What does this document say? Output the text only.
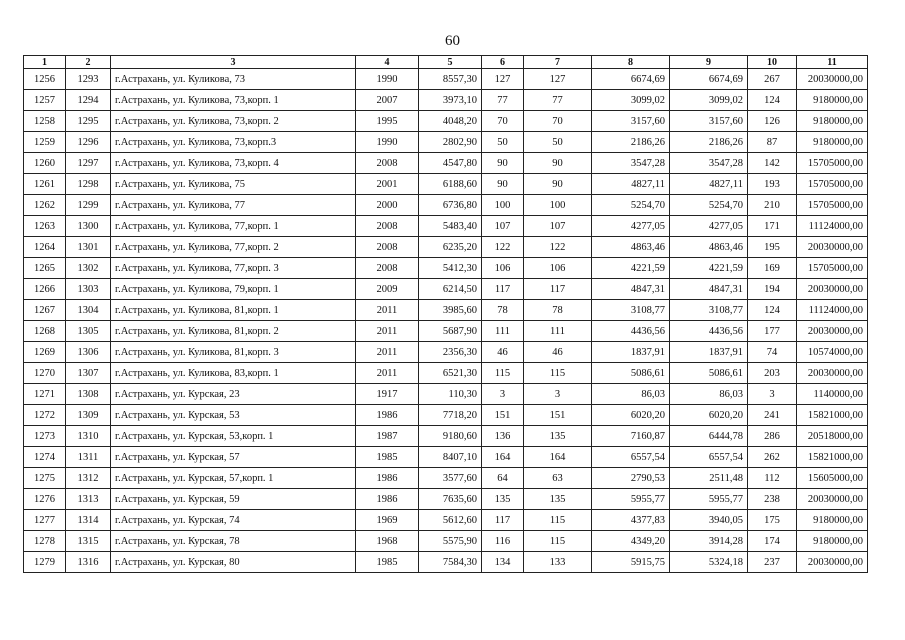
60
1	2	3	4	5	6	7	8	9	10	11
1256	1293	г.Астрахань, ул. Куликова, 73	1990	8557,30	127	127	6674,69	6674,69	267	20030000,00
1257	1294	г.Астрахань, ул. Куликова, 73,корп. 1	2007	3973,10	77	77	3099,02	3099,02	124	9180000,00
1258	1295	г.Астрахань, ул. Куликова, 73,корп. 2	1995	4048,20	70	70	3157,60	3157,60	126	9180000,00
1259	1296	г.Астрахань, ул. Куликова, 73,корп.3	1990	2802,90	50	50	2186,26	2186,26	87	9180000,00
1260	1297	г.Астрахань, ул. Куликова, 73,корп. 4	2008	4547,80	90	90	3547,28	3547,28	142	15705000,00
1261	1298	г.Астрахань, ул. Куликова, 75	2001	6188,60	90	90	4827,11	4827,11	193	15705000,00
1262	1299	г.Астрахань, ул. Куликова, 77	2000	6736,80	100	100	5254,70	5254,70	210	15705000,00
1263	1300	г.Астрахань, ул. Куликова, 77,корп. 1	2008	5483,40	107	107	4277,05	4277,05	171	11124000,00
1264	1301	г.Астрахань, ул. Куликова, 77,корп. 2	2008	6235,20	122	122	4863,46	4863,46	195	20030000,00
1265	1302	г.Астрахань, ул. Куликова, 77,корп. 3	2008	5412,30	106	106	4221,59	4221,59	169	15705000,00
1266	1303	г.Астрахань, ул. Куликова, 79,корп. 1	2009	6214,50	117	117	4847,31	4847,31	194	20030000,00
1267	1304	г.Астрахань, ул. Куликова, 81,корп. 1	2011	3985,60	78	78	3108,77	3108,77	124	11124000,00
1268	1305	г.Астрахань, ул. Куликова, 81,корп. 2	2011	5687,90	111	111	4436,56	4436,56	177	20030000,00
1269	1306	г.Астрахань, ул. Куликова, 81,корп. 3	2011	2356,30	46	46	1837,91	1837,91	74	10574000,00
1270	1307	г.Астрахань, ул. Куликова, 83,корп. 1	2011	6521,30	115	115	5086,61	5086,61	203	20030000,00
1271	1308	г.Астрахань, ул. Курская, 23	1917	110,30	3	3	86,03	86,03	3	1140000,00
1272	1309	г.Астрахань, ул. Курская, 53	1986	7718,20	151	151	6020,20	6020,20	241	15821000,00
1273	1310	г.Астрахань, ул. Курская, 53,корп. 1	1987	9180,60	136	135	7160,87	6444,78	286	20518000,00
1274	1311	г.Астрахань, ул. Курская, 57	1985	8407,10	164	164	6557,54	6557,54	262	15821000,00
1275	1312	г.Астрахань, ул. Курская, 57,корп. 1	1986	3577,60	64	63	2790,53	2511,48	112	15605000,00
1276	1313	г.Астрахань, ул. Курская, 59	1986	7635,60	135	135	5955,77	5955,77	238	20030000,00
1277	1314	г.Астрахань, ул. Курская, 74	1969	5612,60	117	115	4377,83	3940,05	175	9180000,00
1278	1315	г.Астрахань, ул. Курская, 78	1968	5575,90	116	115	4349,20	3914,28	174	9180000,00
1279	1316	г.Астрахань, ул. Курская, 80	1985	7584,30	134	133	5915,75	5324,18	237	20030000,00
